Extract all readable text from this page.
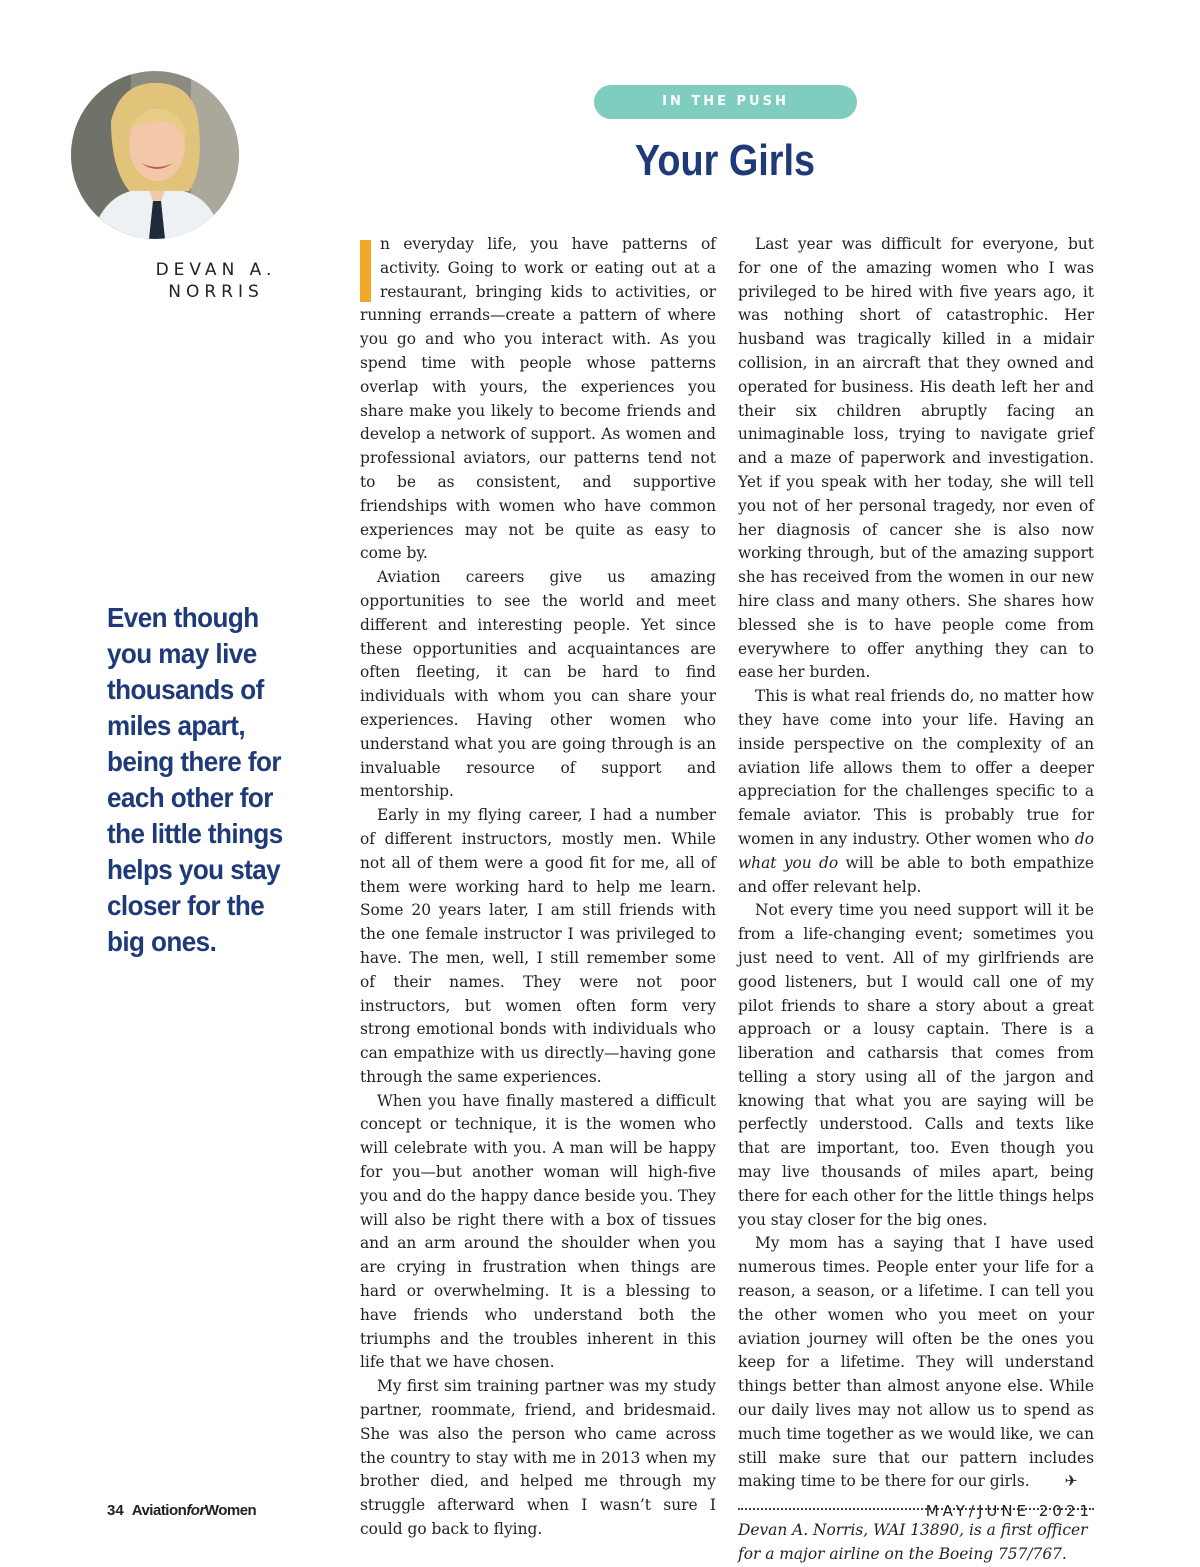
DEVAN A.
NORRIS

Even though you may live thousands of miles apart, being there for each other for the little things helps you stay closer for the big ones.

IN THE PUSH
Your Girls

n everyday life, you have patterns of activity. Going to work or eating out at a restaurant, bringing kids to activities, or running errands—create a pattern of where you go and who you interact with. As you spend time with people whose patterns overlap with yours, the experiences you share make you likely to become friends and develop a network of support. As women and professional aviators, our patterns tend not to be as consistent, and supportive friendships with women who have common experiences may not be quite as easy to come by.

Aviation careers give us amazing opportunities to see the world and meet different and interesting people. Yet since these opportunities and acquaintances are often fleeting, it can be hard to find individuals with whom you can share your experiences. Having other women who understand what you are going through is an invaluable resource of support and mentorship.

Early in my flying career, I had a number of different instructors, mostly men. While not all of them were a good fit for me, all of them were working hard to help me learn. Some 20 years later, I am still friends with the one female instructor I was privileged to have. The men, well, I still remember some of their names. They were not poor instructors, but women often form very strong emotional bonds with individuals who can empathize with us directly—having gone through the same experiences.

When you have finally mastered a difficult concept or technique, it is the women who will celebrate with you. A man will be happy for you—but another woman will high-five you and do the happy dance beside you. They will also be right there with a box of tissues and an arm around the shoulder when you are crying in frustration when things are hard or overwhelming. It is a blessing to have friends who understand both the triumphs and the troubles inherent in this life that we have chosen.

My first sim training partner was my study partner, roommate, friend, and bridesmaid. She was also the person who came across the country to stay with me in 2013 when my brother died, and helped me through my struggle afterward when I wasn’t sure I could go back to flying.

Last year was difficult for everyone, but for one of the amazing women who I was privileged to be hired with five years ago, it was nothing short of catastrophic. Her husband was tragically killed in a midair collision, in an aircraft that they owned and operated for business. His death left her and their six children abruptly facing an unimaginable loss, trying to navigate grief and a maze of paperwork and investigation. Yet if you speak with her today, she will tell you not of her personal tragedy, nor even of her diagnosis of cancer she is also now working through, but of the amazing support she has received from the women in our new hire class and many others. She shares how blessed she is to have people come from everywhere to offer anything they can to ease her burden.

This is what real friends do, no matter how they have come into your life. Having an inside perspective on the complexity of an aviation life allows them to offer a deeper appreciation for the challenges specific to a female aviator. This is probably true for women in any industry. Other women who do what you do will be able to both empathize and offer relevant help.

Not every time you need support will it be from a life-changing event; sometimes you just need to vent. All of my girlfriends are good listeners, but I would call one of my pilot friends to share a story about a great approach or a lousy captain. There is a liberation and catharsis that comes from telling a story using all of the jargon and knowing that what you are saying will be perfectly understood. Calls and texts like that are important, too. Even though you may live thousands of miles apart, being there for each other for the little things helps you stay closer for the big ones.

My mom has a saying that I have used numerous times. People enter your life for a reason, a season, or a lifetime. I can tell you the other women who you meet on your aviation journey will often be the ones you keep for a lifetime. They will understand things better than almost anyone else. While our daily lives may not allow us to spend as much time together as we would like, we can still make sure that our pattern includes making time to be there for our girls. ✈

Devan A. Norris, WAI 13890, is a first officer for a major airline on the Boeing 757/767.

34 AviationforWomen	MAY/JUNE 2021
